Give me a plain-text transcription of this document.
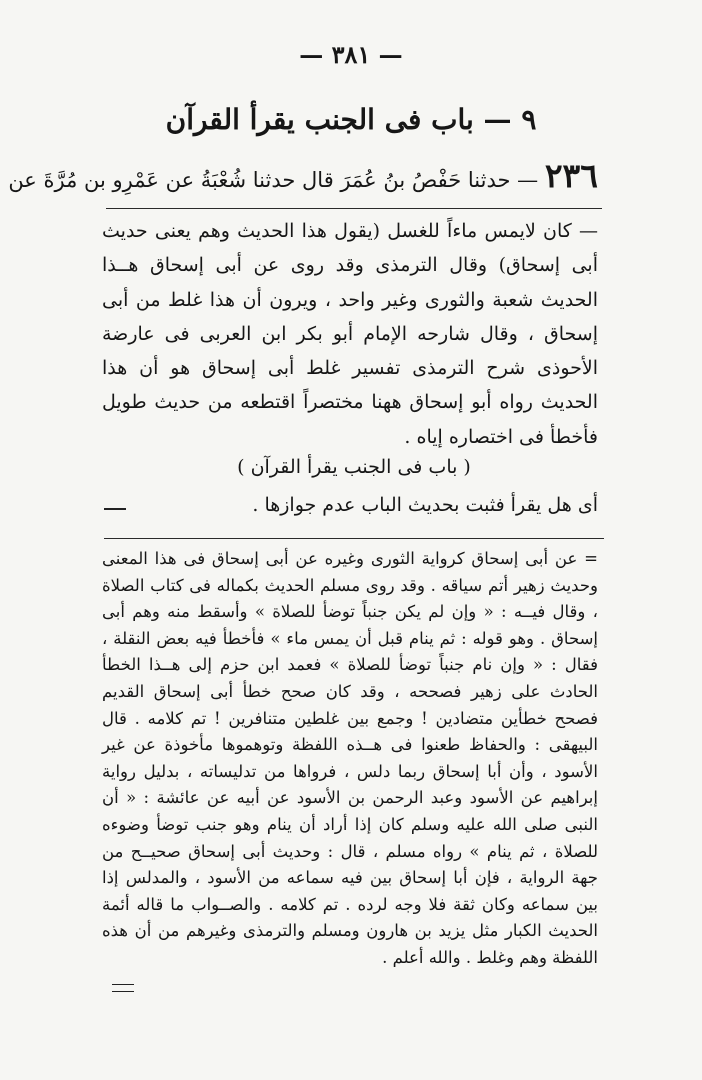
— ٣٨١ —
٩ — باب فى الجنب يقرأ القرآن
٢٣٦ — حدثنا حَفْصُ بنُ عُمَرَ قال حدثنا شُعْبَةُ عن عَمْرِو بن مُرَّةَ عن
— كان لايمس ماءاً للغسل (يقول هذا الحديث وهم يعنى حديث أبى إسحاق) وقال الترمذى وقد روى عن أبى إسحاق هــذا الحديث شعبة والثورى وغير واحد ، ويرون أن هذا غلط من أبى إسحاق ، وقال شارحه الإمام أبو بكر ابن العربى فى عارضة الأحوذى شرح الترمذى تفسير غلط أبى إسحاق هو أن هذا الحديث رواه أبو إسحاق ههنا مختصراً اقتطعه من حديث طويل فأخطأ فى اختصاره إياه .
( باب فى الجنب يقرأ القرآن )
أى هل يقرأ فثبت بحديث الباب عدم جوازها .
= عن أبى إسحاق كرواية الثورى وغيره عن أبى إسحاق فى هذا المعنى وحديث زهير أتم سياقه . وقد روى مسلم الحديث بكماله فى كتاب الصلاة ، وقال فيــه : « وإن لم يكن جنباً توضأ للصلاة » وأسقط منه وهم أبى إسحاق . وهو قوله : ثم ينام قبل أن يمس ماء » فأخطأ فيه بعض النقلة ، فقال : « وإن نام جنباً توضأ للصلاة » فعمد ابن حزم إلى هــذا الخطأ الحادث على زهير فصححه ، وقد كان صحح خطأ أبى إسحاق القديم فصحح خطأين متضادين ! وجمع بين غلطين متنافرين ! تم كلامه . قال البيهقى : والحفاظ طعنوا فى هــذه اللفظة وتوهموها مأخوذة عن غير الأسود ، وأن أبا إسحاق ربما دلس ، فرواها من تدليساته ، بدليل رواية إبراهيم عن الأسود وعبد الرحمن بن الأسود عن أبيه عن عائشة : « أن النبى صلى الله عليه وسلم كان إذا أراد أن ينام وهو جنب توضأ وضوءه للصلاة ، ثم ينام » رواه مسلم ، قال : وحديث أبى إسحاق صحيــح من جهة الرواية ، فإن أبا إسحاق بين فيه سماعه من الأسود ، والمدلس إذا بين سماعه وكان ثقة فلا وجه لرده . تم كلامه . والصــواب ما قاله أئمة الحديث الكبار مثل يزيد بن هارون ومسلم والترمذى وغيرهم من أن هذه اللفظة وهم وغلط . والله أعلم .
